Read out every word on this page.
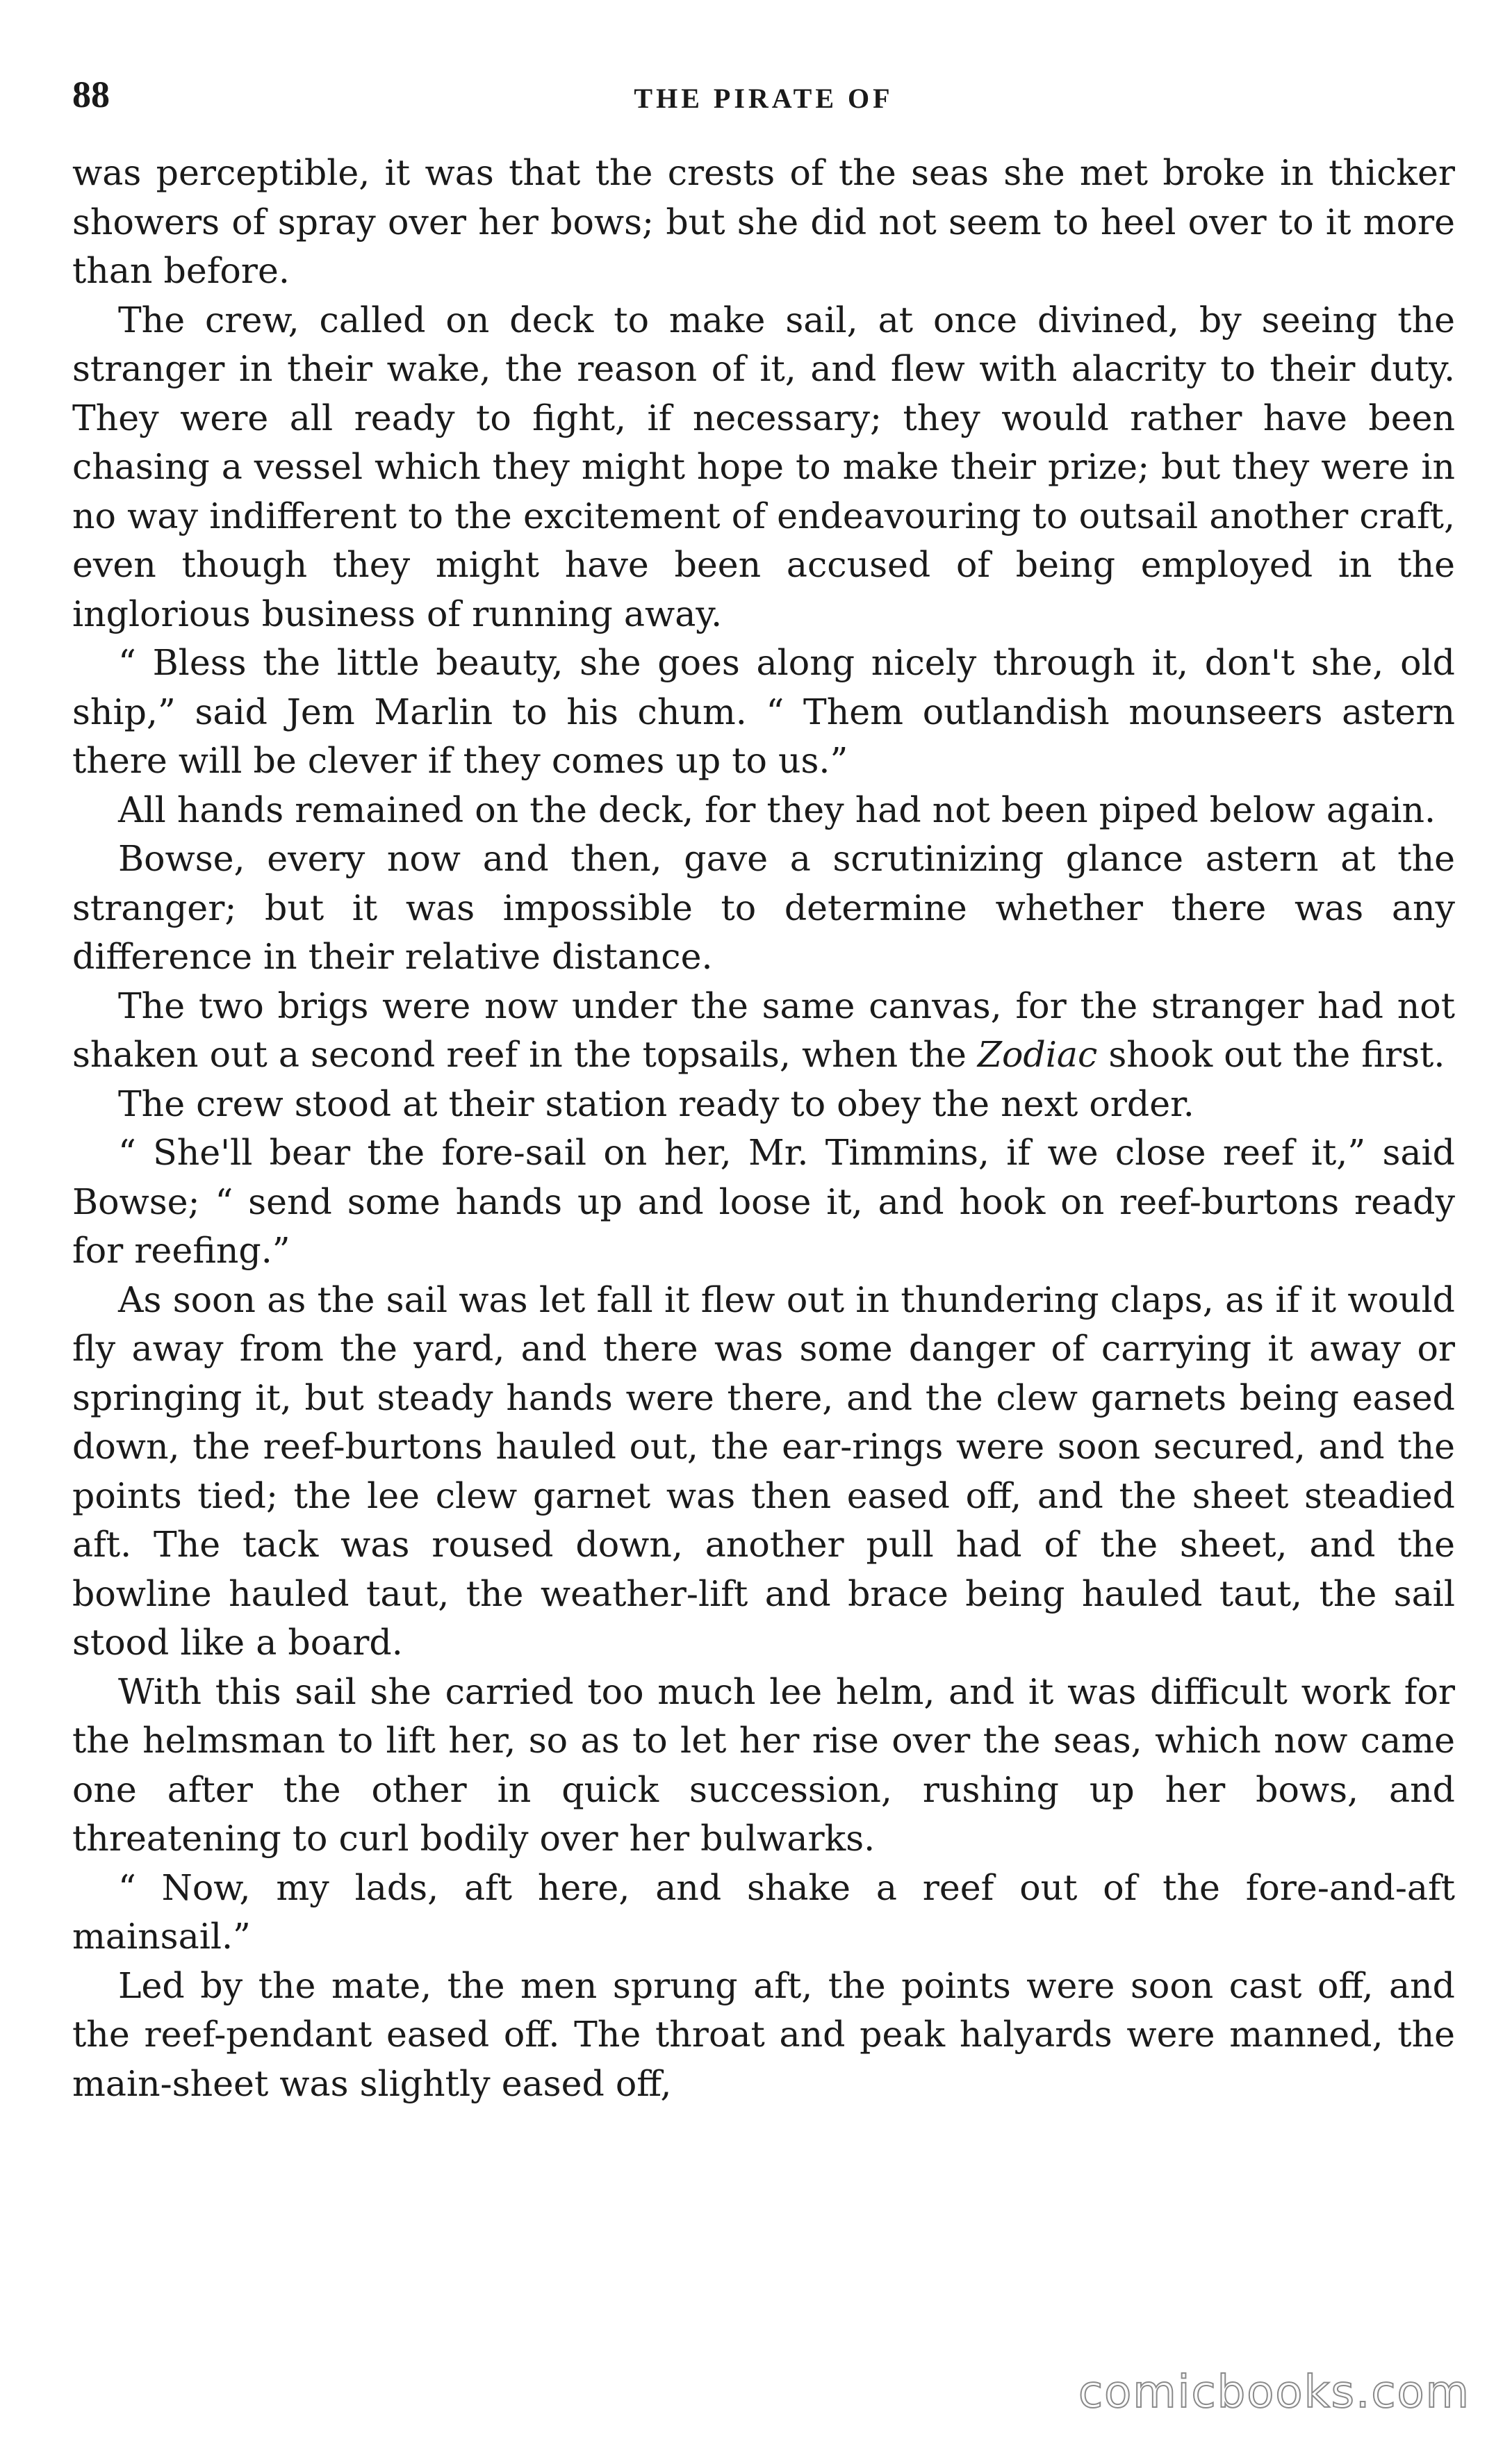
88	THE PIRATE OF

was perceptible, it was that the crests of the seas she met broke in thicker showers of spray over her bows; but she did not seem to heel over to it more than before.

The crew, called on deck to make sail, at once divined, by seeing the stranger in their wake, the reason of it, and flew with alacrity to their duty. They were all ready to fight, if necessary; they would rather have been chasing a vessel which they might hope to make their prize; but they were in no way indifferent to the excitement of endeavouring to outsail another craft, even though they might have been accused of being employed in the inglorious business of running away.

“ Bless the little beauty, she goes along nicely through it, don't she, old ship,” said Jem Marlin to his chum. “ Them outlandish mounseers astern there will be clever if they comes up to us.”

All hands remained on the deck, for they had not been piped below again.

Bowse, every now and then, gave a scrutinizing glance astern at the stranger; but it was impossible to determine whether there was any difference in their relative distance.

The two brigs were now under the same canvas, for the stranger had not shaken out a second reef in the topsails, when the Zodiac shook out the first.

The crew stood at their station ready to obey the next order.

“ She'll bear the fore-sail on her, Mr. Timmins, if we close reef it,” said Bowse; “ send some hands up and loose it, and hook on reef-burtons ready for reefing.”

As soon as the sail was let fall it flew out in thundering claps, as if it would fly away from the yard, and there was some danger of carrying it away or springing it, but steady hands were there, and the clew garnets being eased down, the reef-burtons hauled out, the ear-rings were soon secured, and the points tied; the lee clew garnet was then eased off, and the sheet steadied aft. The tack was roused down, another pull had of the sheet, and the bowline hauled taut, the weather-lift and brace being hauled taut, the sail stood like a board.

With this sail she carried too much lee helm, and it was difficult work for the helmsman to lift her, so as to let her rise over the seas, which now came one after the other in quick succession, rushing up her bows, and threatening to curl bodily over her bulwarks.

“ Now, my lads, aft here, and shake a reef out of the fore-and-aft mainsail.”

Led by the mate, the men sprung aft, the points were soon cast off, and the reef-pendant eased off. The throat and peak halyards were manned, the main-sheet was slightly eased off,

comicbooks.com
